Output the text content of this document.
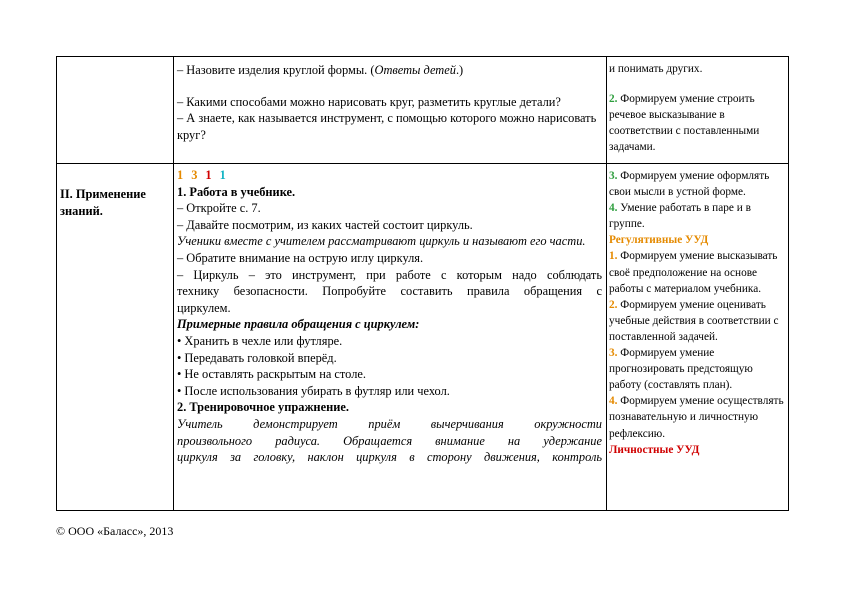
– Назовите изделия круглой формы. (Ответы детей.)

– Какими способами можно нарисовать круг, разметить круглые детали?

– А знаете, как называется инструмент, с помощью которого можно нарисовать круг?

и понимать других.

2. Формируем умение строить речевое высказывание в соответствии с поставленными задачами.

II. Применение знаний.

1 3 1 1

1. Работа в учебнике.

– Откройте с. 7.

– Давайте посмотрим, из каких частей состоит циркуль.

Ученики вместе с учителем рассматривают циркуль и называют его части.

– Обратите внимание на острую иглу циркуля.

– Циркуль – это инструмент, при работе с которым надо соблюдать

технику безопасности. Попробуйте составить правила обращения с

циркулем.

Примерные правила обращения с циркулем:

• Хранить в чехле или футляре.

• Передавать головкой вперёд.

• Не оставлять раскрытым на столе.

• После использования убирать в футляр или чехол.

2. Тренировочное упражнение.

Учитель демонстрирует приём вычерчивания окружности

произвольного радиуса. Обращается внимание на удержание

циркуля за головку, наклон циркуля в сторону движения, контроль

3. Формируем умение оформлять свои мысли в устной форме.

4. Умение работать в паре и в группе.

Регулятивные УУД

1. Формируем умение высказывать своё предположение на основе работы с материалом учебника.

2. Формируем умение оценивать учебные действия в соответствии с поставленной задачей.

3. Формируем умение прогнозировать предстоящую работу (составлять план).

4. Формируем умение осуществлять познавательную и личностную рефлексию.

Личностные УУД

© ООО «Баласс», 2013
